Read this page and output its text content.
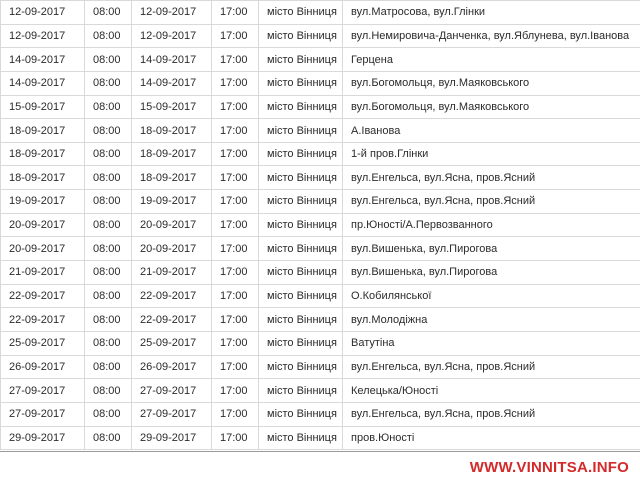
12-09-2017	08:00	12-09-2017	17:00	місто Вінниця	вул.Матросова, вул.Глінки
12-09-2017	08:00	12-09-2017	17:00	місто Вінниця	вул.Немировича-Данченка, вул.Яблунева, вул.Іванова
14-09-2017	08:00	14-09-2017	17:00	місто Вінниця	Герцена
14-09-2017	08:00	14-09-2017	17:00	місто Вінниця	вул.Богомольця, вул.Маяковського
15-09-2017	08:00	15-09-2017	17:00	місто Вінниця	вул.Богомольця, вул.Маяковського
18-09-2017	08:00	18-09-2017	17:00	місто Вінниця	А.Іванова
18-09-2017	08:00	18-09-2017	17:00	місто Вінниця	1-й пров.Глінки
18-09-2017	08:00	18-09-2017	17:00	місто Вінниця	вул.Енгельса, вул.Ясна, пров.Ясний
19-09-2017	08:00	19-09-2017	17:00	місто Вінниця	вул.Енгельса, вул.Ясна, пров.Ясний
20-09-2017	08:00	20-09-2017	17:00	місто Вінниця	пр.Юності/А.Первозванного
20-09-2017	08:00	20-09-2017	17:00	місто Вінниця	вул.Вишенька, вул.Пирогова
21-09-2017	08:00	21-09-2017	17:00	місто Вінниця	вул.Вишенька, вул.Пирогова
22-09-2017	08:00	22-09-2017	17:00	місто Вінниця	О.Кобилянської
22-09-2017	08:00	22-09-2017	17:00	місто Вінниця	вул.Молодіжна
25-09-2017	08:00	25-09-2017	17:00	місто Вінниця	Ватутіна
26-09-2017	08:00	26-09-2017	17:00	місто Вінниця	вул.Енгельса, вул.Ясна, пров.Ясний
27-09-2017	08:00	27-09-2017	17:00	місто Вінниця	Келецька/Юності
27-09-2017	08:00	27-09-2017	17:00	місто Вінниця	вул.Енгельса, вул.Ясна, пров.Ясний
29-09-2017	08:00	29-09-2017	17:00	місто Вінниця	пров.Юності
WWW.VINNITSA.INFO
